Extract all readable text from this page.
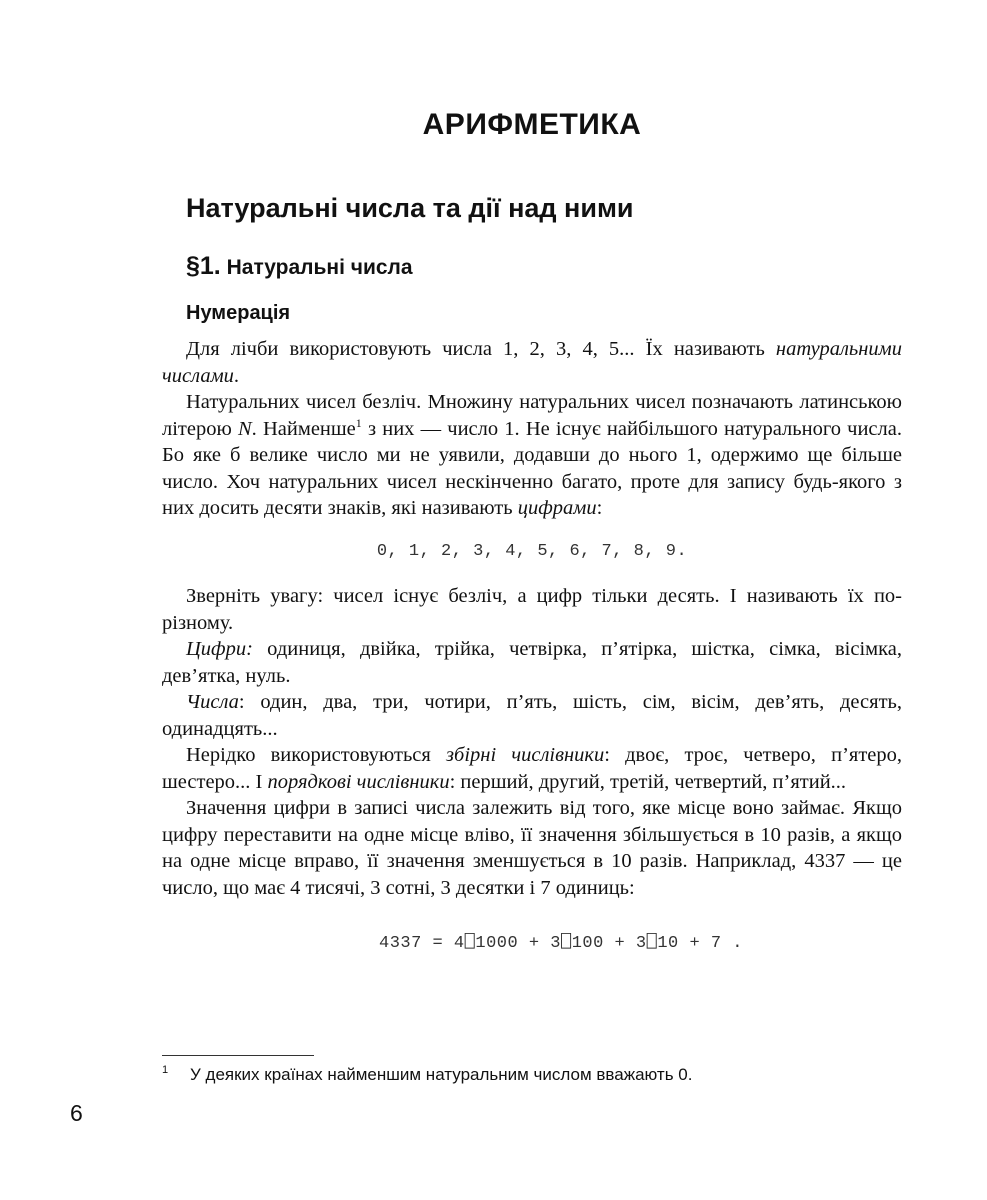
АРИФМЕТИКА
Натуральні числа та дії над ними
§1. Натуральні числа
Нумерація

Для лічби використовують числа 1, 2, 3, 4, 5... Їх називають натуральними числами.

Натуральних чисел безліч. Множину натуральних чисел позначають латинською літерою N. Найменше$^1$ з них — число 1. Не існує найбільшого натурального числа. Бо яке б велике число ми не уявили, додавши до нього 1, одержимо ще більше число. Хоч натуральних чисел нескінченно багато, проте для запису будь-якого з них досить десяти знаків, які називають цифрами:

0, 1, 2, 3, 4, 5, 6, 7, 8, 9.

Зверніть увагу: чисел існує безліч, а цифр тільки десять. І називають їх по-різному.

Цифри: одиниця, двійка, трійка, четвірка, п’ятірка, шістка, сімка, вісімка, дев’ятка, нуль.

Числа: один, два, три, чотири, п’ять, шість, сім, вісім, дев’ять, десять, одинадцять...

Нерідко використовуються збірні числівники: двоє, троє, четверо, п’ятеро, шестеро... І порядкові числівники: перший, другий, третій, четвертий, п’ятий...

Значення цифри в записі числа залежить від того, яке місце воно займає. Якщо цифру переставити на одне місце вліво, її значення збільшується в 10 разів, а якщо на одне місце вправо, її значення зменшується в 10 разів. Наприклад, 4337 — це число, що має 4 тисячі, 3 сотні, 3 десятки і 7 одиниць:

4337 = 4⎕1000 + 3⎕100 + 3⎕10 + 7 .
1 У деяких країнах найменшим натуральним числом вважають 0.
6
